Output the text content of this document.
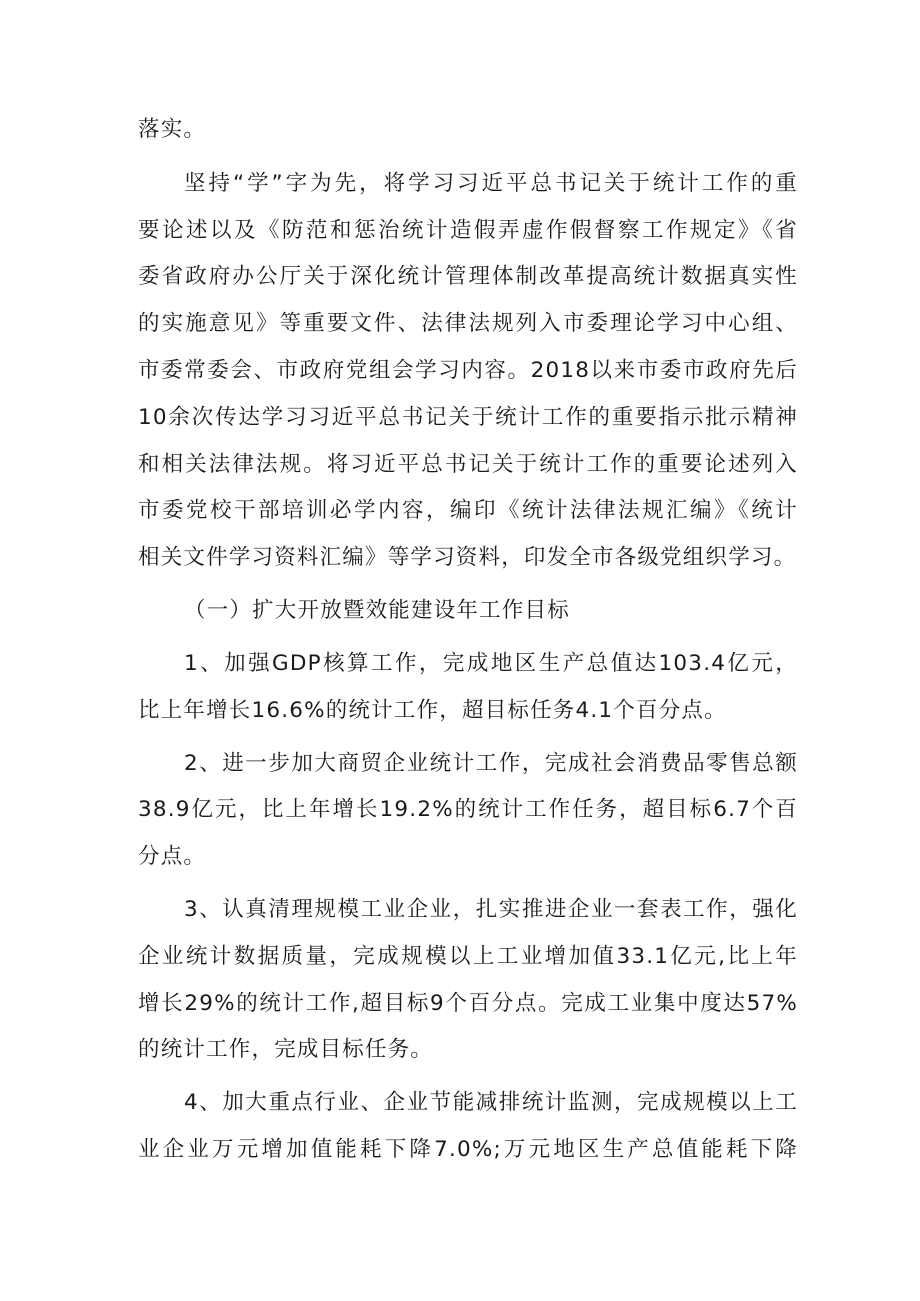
落实。
坚持“学”字为先，将学习习近平总书记关于统计工作的重
要论述以及《防范和惩治统计造假弄虚作假督察工作规定》《省
委省政府办公厅关于深化统计管理体制改革提高统计数据真实性
的实施意见》等重要文件、法律法规列入市委理论学习中心组、
市委常委会、市政府党组会学习内容。2018以来市委市政府先后
10余次传达学习习近平总书记关于统计工作的重要指示批示精神
和相关法律法规。将习近平总书记关于统计工作的重要论述列入
市委党校干部培训必学内容，编印《统计法律法规汇编》《统计
相关文件学习资料汇编》等学习资料，印发全市各级党组织学习。
（一）扩大开放暨效能建设年工作目标
1、加强GDP核算工作，完成地区生产总值达103.4亿元，
比上年增长16.6%的统计工作，超目标任务4.1个百分点。
2、进一步加大商贸企业统计工作，完成社会消费品零售总额
38.9亿元，比上年增长19.2%的统计工作任务，超目标6.7个百
分点。
3、认真清理规模工业企业，扎实推进企业一套表工作，强化
企业统计数据质量，完成规模以上工业增加值33.1亿元,比上年
增长29%的统计工作,超目标9个百分点。完成工业集中度达57%
的统计工作，完成目标任务。
4、加大重点行业、企业节能减排统计监测，完成规模以上工
业企业万元增加值能耗下降7.0%;万元地区生产总值能耗下降
